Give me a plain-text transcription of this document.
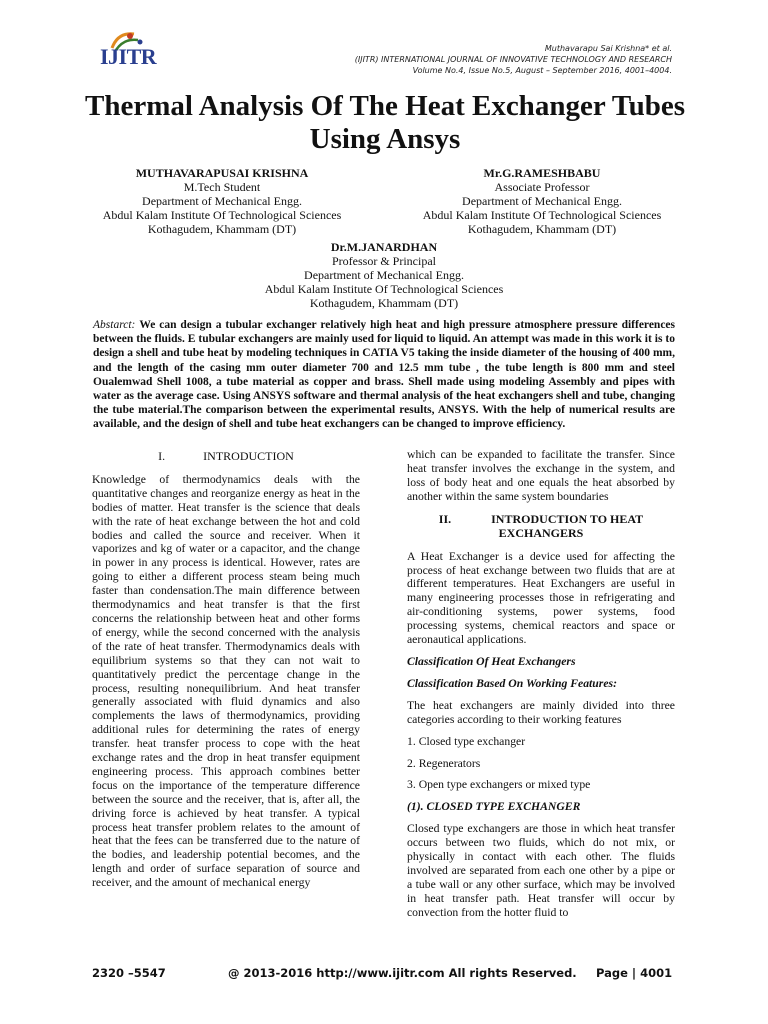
IJITR	Muthavarapu Sai Krishna* et al.
(IJITR) INTERNATIONAL JOURNAL OF INNOVATIVE TECHNOLOGY AND RESEARCH
Volume No.4, Issue No.5, August – September 2016, 4001–4004.
Thermal Analysis Of The Heat Exchanger Tubes Using Ansys
MUTHAVARAPUSAI KRISHNA
M.Tech Student
Department of Mechanical Engg.
Abdul Kalam Institute Of Technological Sciences
Kothagudem, Khammam (DT)
Mr.G.RAMESHBABU
Associate Professor
Department of Mechanical Engg.
Abdul Kalam Institute Of Technological Sciences
Kothagudem, Khammam (DT)
Dr.M.JANARDHAN
Professor & Principal
Department of Mechanical Engg.
Abdul Kalam Institute Of Technological Sciences
Kothagudem, Khammam (DT)
Abstarct: We can design a tubular exchanger relatively high heat and high pressure atmosphere pressure differences between the fluids. E tubular exchangers are mainly used for liquid to liquid. An attempt was made in this work it is to design a shell and tube heat by modeling techniques in CATIA V5 taking the inside diameter of the housing of 400 mm, and the length of the casing mm outer diameter 700 and 12.5 mm tube , the tube length is 800 mm and steel Oualemwad Shell 1008, a tube material as copper and brass. Shell made using modeling Assembly and pipes with water as the average case. Using ANSYS software and thermal analysis of the heat exchangers shell and tube, changing the tube material.The comparison between the experimental results, ANSYS. With the help of numerical results are available, and the design of shell and tube heat exchangers can be changed to improve efficiency.
I.	INTRODUCTION
Knowledge of thermodynamics deals with the quantitative changes and reorganize energy as heat in the bodies of matter. Heat transfer is the science that deals with the rate of heat exchange between the hot and cold bodies and called the source and receiver. When it vaporizes and kg of water or a capacitor, and the change in power in any process is identical. However, rates are going to either a different process steam being much faster than condensation.The main difference between thermodynamics and heat transfer is that the first concerns the relationship between heat and other forms of energy, while the second concerned with the analysis of the rate of heat transfer. Thermodynamics deals with equilibrium systems so that they can not wait to quantitatively predict the percentage change in the process, resulting nonequilibrium. And heat transfer generally associated with fluid dynamics and also complements the laws of thermodynamics, providing additional rules for determining the rates of energy transfer. heat transfer process to cope with the heat exchange rates and the drop in heat transfer equipment engineering process. This approach combines better focus on the importance of the temperature difference between the source and the receiver, that is, after all, the driving force is achieved by heat transfer. A typical process heat transfer problem relates to the amount of heat that the fees can be transferred due to the nature of the bodies, and leadership potential becomes, and the length and order of surface separation of source and receiver, and the amount of mechanical energy
which can be expanded to facilitate the transfer. Since heat transfer involves the exchange in the system, and loss of body heat and one equals the heat absorbed by another within the same system boundaries
II.	INTRODUCTION TO HEAT
EXCHANGERS
A Heat Exchanger is a device used for affecting the process of heat exchange between two fluids that are at different temperatures. Heat Exchangers are useful in many engineering processes those in refrigerating and air-conditioning systems, power systems, food processing systems, chemical reactors and space or aeronautical applications.
Classification Of Heat Exchangers
Classification Based On Working Features:
The heat exchangers are mainly divided into three categories according to their working features
1. Closed type exchanger
2. Regenerators
3. Open type exchangers or mixed type
(1). CLOSED TYPE EXCHANGER
Closed type exchangers are those in which heat transfer occurs between two fluids, which do not mix, or physically in contact with each other. The fluids involved are separated from each one other by a pipe or a tube wall or any other surface, which may be involved in heat transfer path. Heat transfer will occur by convection from the hotter fluid to
2320 –5547	@ 2013-2016 http://www.ijitr.com All rights Reserved. Page | 4001
